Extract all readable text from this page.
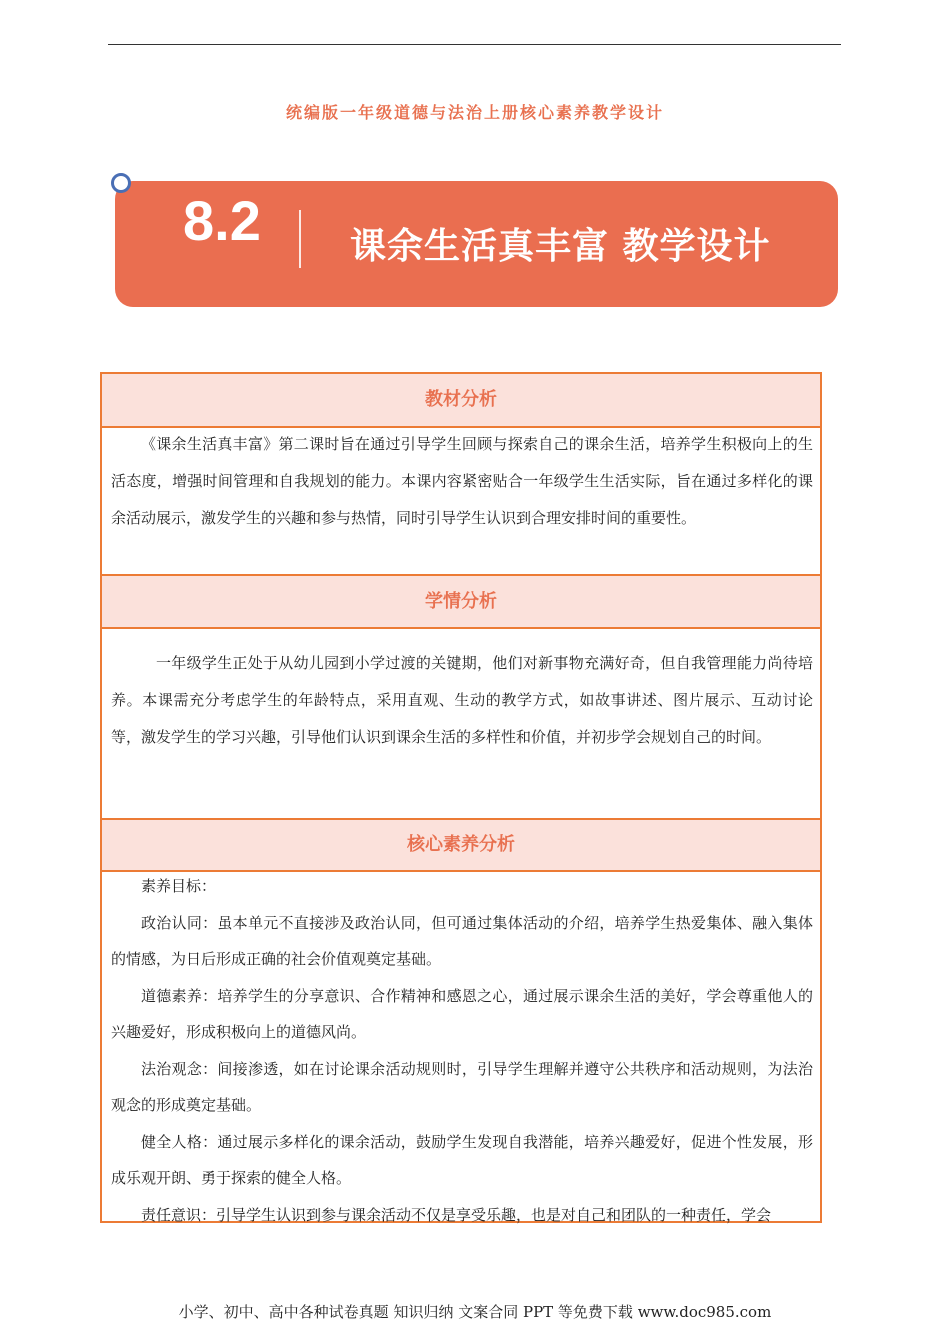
统编版一年级道德与法治上册核心素养教学设计
8.2 课余生活真丰富 教学设计
教材分析

《课余生活真丰富》第二课时旨在通过引导学生回顾与探索自己的课余生活，培养学生积极向上的生活态度，增强时间管理和自我规划的能力。本课内容紧密贴合一年级学生生活实际，旨在通过多样化的课余活动展示，激发学生的兴趣和参与热情，同时引导学生认识到合理安排时间的重要性。

学情分析

一年级学生正处于从幼儿园到小学过渡的关键期，他们对新事物充满好奇，但自我管理能力尚待培养。本课需充分考虑学生的年龄特点，采用直观、生动的教学方式，如故事讲述、图片展示、互动讨论等，激发学生的学习兴趣，引导他们认识到课余生活的多样性和价值，并初步学会规划自己的时间。

核心素养分析

素养目标：

政治认同：虽本单元不直接涉及政治认同，但可通过集体活动的介绍，培养学生热爱集体、融入集体的情感，为日后形成正确的社会价值观奠定基础。

道德素养：培养学生的分享意识、合作精神和感恩之心，通过展示课余生活的美好，学会尊重他人的兴趣爱好，形成积极向上的道德风尚。

法治观念：间接渗透，如在讨论课余活动规则时，引导学生理解并遵守公共秩序和活动规则，为法治观念的形成奠定基础。

健全人格：通过展示多样化的课余活动，鼓励学生发现自我潜能，培养兴趣爱好，促进个性发展，形成乐观开朗、勇于探索的健全人格。

责任意识：引导学生认识到参与课余活动不仅是享受乐趣，也是对自己和团队的一种责任，学会

小学、初中、高中各种试卷真题 知识归纳 文案合同 PPT 等免费下载 www.doc985.com
